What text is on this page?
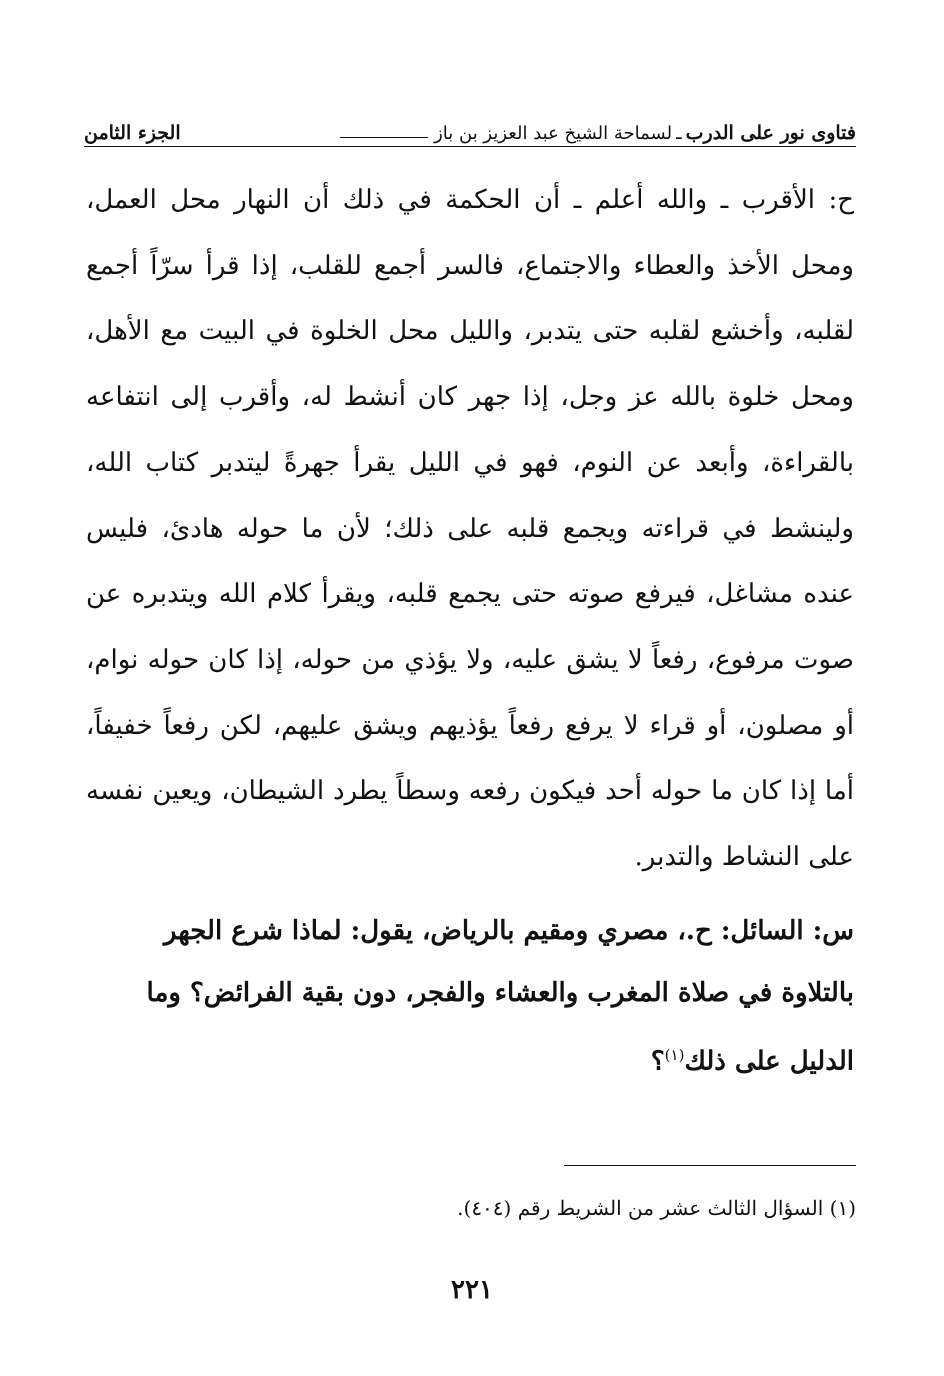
فتاوى نور على الدرب
ـ
لسماحة الشيخ عبد العزيز بن باز
الجزء الثامن

ح: الأقرب ـ والله أعلم ـ أن الحكمة في ذلك أن النهار محل العمل، ومحل الأخذ والعطاء والاجتماع، فالسر أجمع للقلب، إذا قرأ سرّاً أجمع لقلبه، وأخشع لقلبه حتى يتدبر، والليل محل الخلوة في البيت مع الأهل، ومحل خلوة بالله عز وجل، إذا جهر كان أنشط له، وأقرب إلى انتفاعه بالقراءة، وأبعد عن النوم، فهو في الليل يقرأ جهرةً ليتدبر كتاب الله، ولينشط في قراءته ويجمع قلبه على ذلك؛ لأن ما حوله هادئ، فليس عنده مشاغل، فيرفع صوته حتى يجمع قلبه، ويقرأ كلام الله ويتدبره عن صوت مرفوع، رفعاً لا يشق عليه، ولا يؤذي من حوله، إذا كان حوله نوام، أو مصلون، أو قراء لا يرفع رفعاً يؤذيهم ويشق عليهم، لكن رفعاً خفيفاً، أما إذا كان ما حوله أحد فيكون رفعه وسطاً يطرد الشيطان، ويعين نفسه على النشاط والتدبر.

س: السائل: ح.، مصري ومقيم بالرياض، يقول: لماذا شرع الجهر بالتلاوة في صلاة المغرب والعشاء والفجر، دون بقية الفرائض؟ وما الدليل على ذلك$^{(١)}$؟

(١) السؤال الثالث عشر من الشريط رقم (٤٠٤).
٢٢١
